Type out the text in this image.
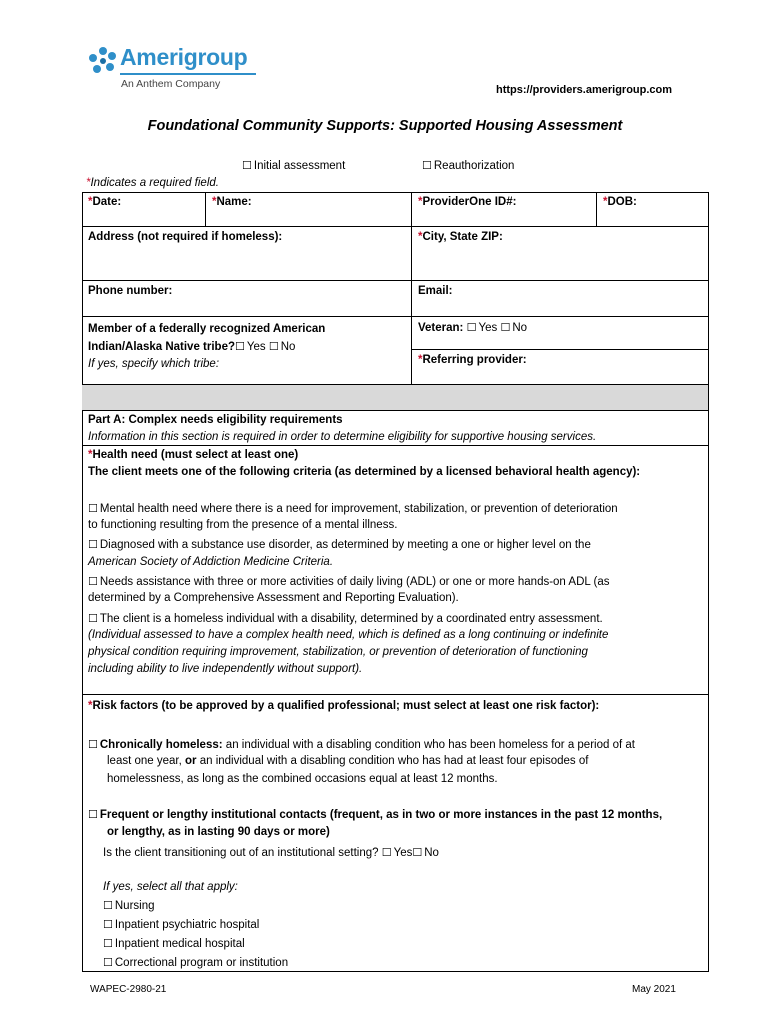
Amerigroup
An Anthem Company	https://providers.amerigroup.com
Foundational Community Supports: Supported Housing Assessment
☐ Initial assessment	☐ Reauthorization
*Indicates a required field.
*Date:	*Name:	*ProviderOne ID#:	*DOB:
Address (not required if homeless):	*City, State ZIP:
Phone number:	Email:
Member of a federally recognized American
Indian/Alaska Native tribe?☐ Yes ☐ No
If yes, specify which tribe:
Veteran: ☐ Yes ☐ No
*Referring provider:
Part A: Complex needs eligibility requirements
Information in this section is required in order to determine eligibility for supportive housing services.
*Health need (must select at least one)
The client meets one of the following criteria (as determined by a licensed behavioral health agency):
☐ Mental health need where there is a need for improvement, stabilization, or prevention of deterioration
to functioning resulting from the presence of a mental illness.
☐ Diagnosed with a substance use disorder, as determined by meeting a one or higher level on the
American Society of Addiction Medicine Criteria.
☐ Needs assistance with three or more activities of daily living (ADL) or one or more hands-on ADL (as
determined by a Comprehensive Assessment and Reporting Evaluation).
☐ The client is a homeless individual with a disability, determined by a coordinated entry assessment.
(Individual assessed to have a complex health need, which is defined as a long continuing or indefinite
physical condition requiring improvement, stabilization, or prevention of deterioration of functioning
including ability to live independently without support).
*Risk factors (to be approved by a qualified professional; must select at least one risk factor):
☐ Chronically homeless: an individual with a disabling condition who has been homeless for a period of at
least one year, or an individual with a disabling condition who has had at least four episodes of
homelessness, as long as the combined occasions equal at least 12 months.
☐ Frequent or lengthy institutional contacts (frequent, as in two or more instances in the past 12 months,
or lengthy, as in lasting 90 days or more)
Is the client transitioning out of an institutional setting? ☐ Yes☐ No
If yes, select all that apply:
☐ Nursing
☐ Inpatient psychiatric hospital
☐ Inpatient medical hospital
☐ Correctional program or institution
WAPEC-2980-21	May 2021
